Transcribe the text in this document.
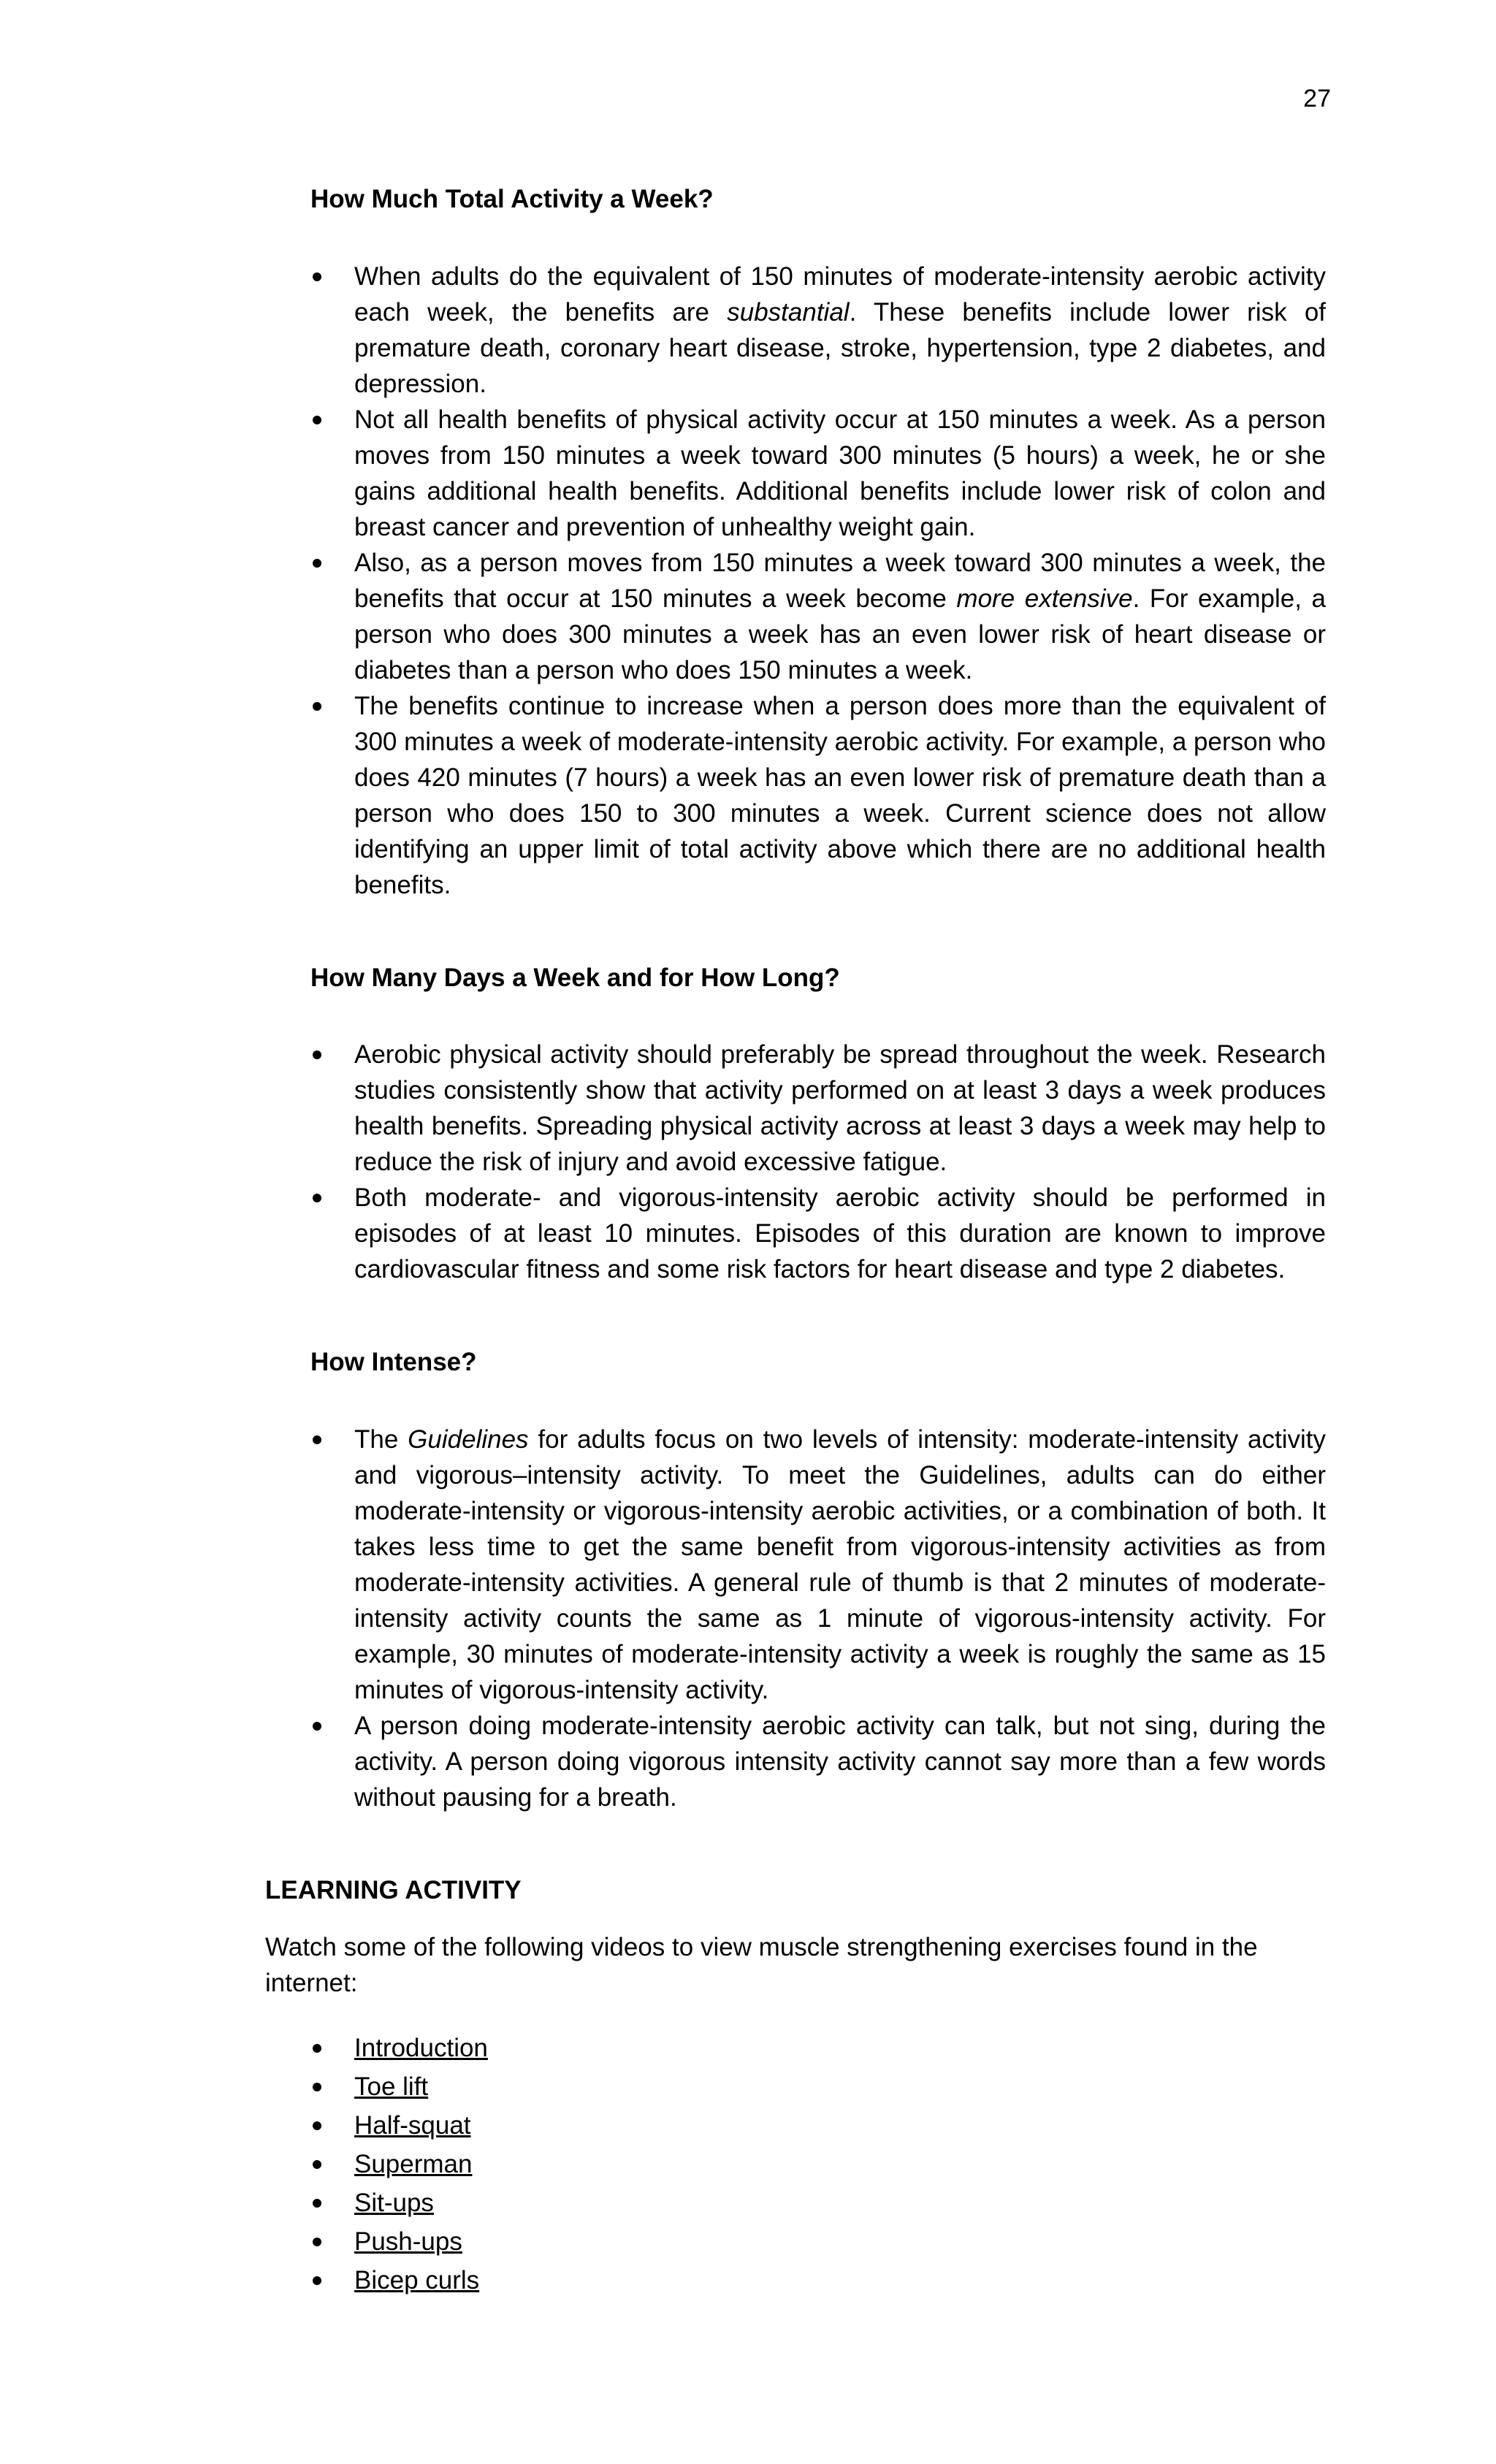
27
How Much Total Activity a Week?
When adults do the equivalent of 150 minutes of moderate-intensity aerobic activity each week, the benefits are substantial. These benefits include lower risk of premature death, coronary heart disease, stroke, hypertension, type 2 diabetes, and depression.
Not all health benefits of physical activity occur at 150 minutes a week. As a person moves from 150 minutes a week toward 300 minutes (5 hours) a week, he or she gains additional health benefits. Additional benefits include lower risk of colon and breast cancer and prevention of unhealthy weight gain.
Also, as a person moves from 150 minutes a week toward 300 minutes a week, the benefits that occur at 150 minutes a week become more extensive. For example, a person who does 300 minutes a week has an even lower risk of heart disease or diabetes than a person who does 150 minutes a week.
The benefits continue to increase when a person does more than the equivalent of 300 minutes a week of moderate-intensity aerobic activity. For example, a person who does 420 minutes (7 hours) a week has an even lower risk of premature death than a person who does 150 to 300 minutes a week. Current science does not allow identifying an upper limit of total activity above which there are no additional health benefits.
How Many Days a Week and for How Long?
Aerobic physical activity should preferably be spread throughout the week. Research studies consistently show that activity performed on at least 3 days a week produces health benefits. Spreading physical activity across at least 3 days a week may help to reduce the risk of injury and avoid excessive fatigue.
Both moderate- and vigorous-intensity aerobic activity should be performed in episodes of at least 10 minutes. Episodes of this duration are known to improve cardiovascular fitness and some risk factors for heart disease and type 2 diabetes.
How Intense?
The Guidelines for adults focus on two levels of intensity: moderate-intensity activity and vigorous–intensity activity. To meet the Guidelines, adults can do either moderate-intensity or vigorous-intensity aerobic activities, or a combination of both. It takes less time to get the same benefit from vigorous-intensity activities as from moderate-intensity activities. A general rule of thumb is that 2 minutes of moderate-intensity activity counts the same as 1 minute of vigorous-intensity activity. For example, 30 minutes of moderate-intensity activity a week is roughly the same as 15 minutes of vigorous-intensity activity.
A person doing moderate-intensity aerobic activity can talk, but not sing, during the activity. A person doing vigorous intensity activity cannot say more than a few words without pausing for a breath.
LEARNING ACTIVITY

Watch some of the following videos to view muscle strengthening exercises found in the internet:

Introduction
Toe lift
Half-squat
Superman
Sit-ups
Push-ups
Bicep curls
